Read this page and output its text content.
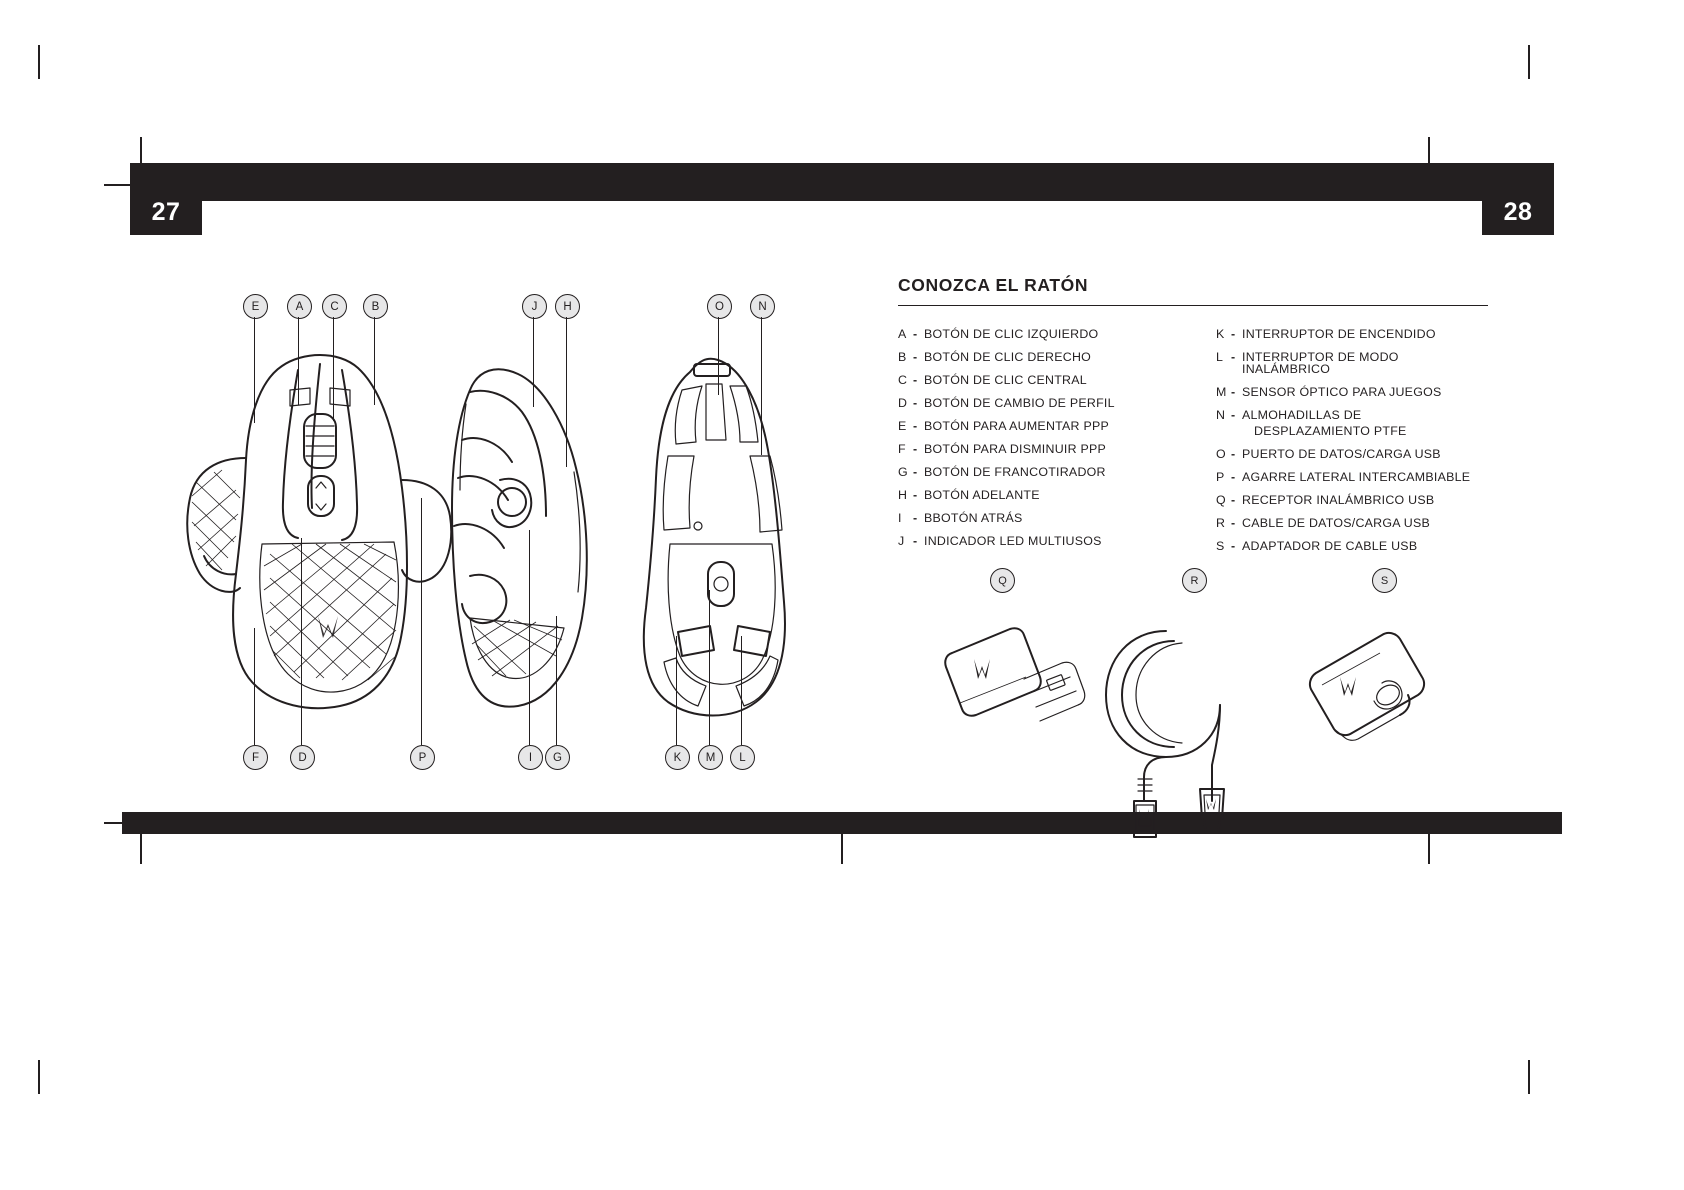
27	28
E	A	C	B	J	H	O	N
F	D	P	I	G	K	M	L
CONOZCA EL RATÓN
A - BOTÓN DE CLIC IZQUIERDO
B - BOTÓN DE CLIC DERECHO
C - BOTÓN DE CLIC CENTRAL
D - BOTÓN DE CAMBIO DE PERFIL
E - BOTÓN PARA AUMENTAR PPP
F - BOTÓN PARA DISMINUIR PPP
G - BOTÓN DE FRANCOTIRADOR
H - BOTÓN ADELANTE
I - BBOTÓN ATRÁS
J - INDICADOR LED MULTIUSOS
K - INTERRUPTOR DE ENCENDIDO
L - INTERRUPTOR DE MODO INALÁMBRICO
M - SENSOR ÓPTICO PARA JUEGOS
N - ALMOHADILLAS DE
DESPLAZAMIENTO PTFE
O - PUERTO DE DATOS/CARGA USB
P - AGARRE LATERAL INTERCAMBIABLE
Q - RECEPTOR INALÁMBRICO USB
R - CABLE DE DATOS/CARGA USB
S - ADAPTADOR DE CABLE USB
Q	R	S
